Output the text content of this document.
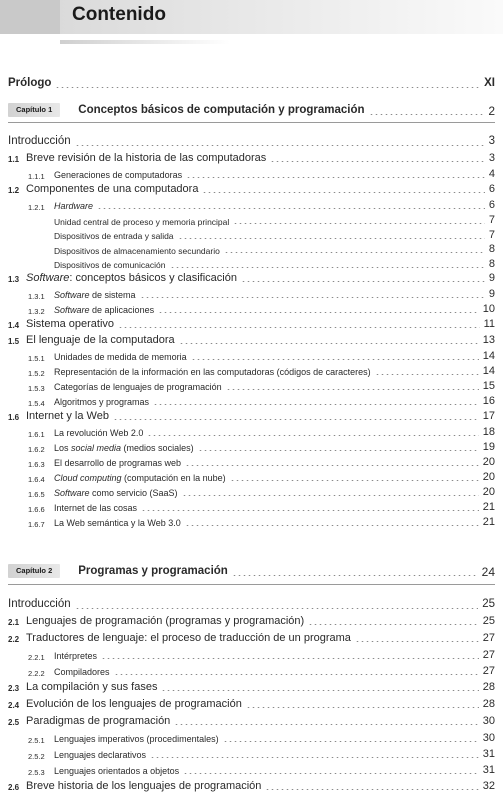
Contenido
Prólogo	XI
Capítulo 1	Conceptos básicos de computación y programación	2
Introducción	3
1.1 Breve revisión de la historia de las computadoras	3
1.1.1	Generaciones de computadoras	4
1.2 Componentes de una computadora	6
1.2.1	Hardware	6
Unidad central de proceso y memoria principal	7
Dispositivos de entrada y salida	7
Dispositivos de almacenamiento secundario	8
Dispositivos de comunicación	8
1.3 Software: conceptos básicos y clasificación	9
1.3.1	Software de sistema	9
1.3.2	Software de aplicaciones	10
1.4 Sistema operativo	11
1.5 El lenguaje de la computadora	13
1.5.1	Unidades de medida de memoria	14
1.5.2	Representación de la información en las computadoras (códigos de caracteres)	14
1.5.3	Categorías de lenguajes de programación	15
1.5.4	Algoritmos y programas	16
1.6 Internet y la Web	17
1.6.1	La revolución Web 2.0	18
1.6.2	Los social media (medios sociales)	19
1.6.3	El desarrollo de programas web	20
1.6.4	Cloud computing (computación en la nube)	20
1.6.5	Software como servicio (SaaS)	20
1.6.6	Internet de las cosas	21
1.6.7	La Web semántica y la Web 3.0	21
Capítulo 2	Programas y programación	24
Introducción	25
2.1 Lenguajes de programación (programas y programación)	25
2.2 Traductores de lenguaje: el proceso de traducción de un programa	27
2.2.1	Intérpretes	27
2.2.2	Compiladores	27
2.3 La compilación y sus fases	28
2.4 Evolución de los lenguajes de programación	28
2.5 Paradigmas de programación	30
2.5.1	Lenguajes imperativos (procedimentales)	30
2.5.2	Lenguajes declarativos	31
2.5.3	Lenguajes orientados a objetos	31
2.6 Breve historia de los lenguajes de programación	32
